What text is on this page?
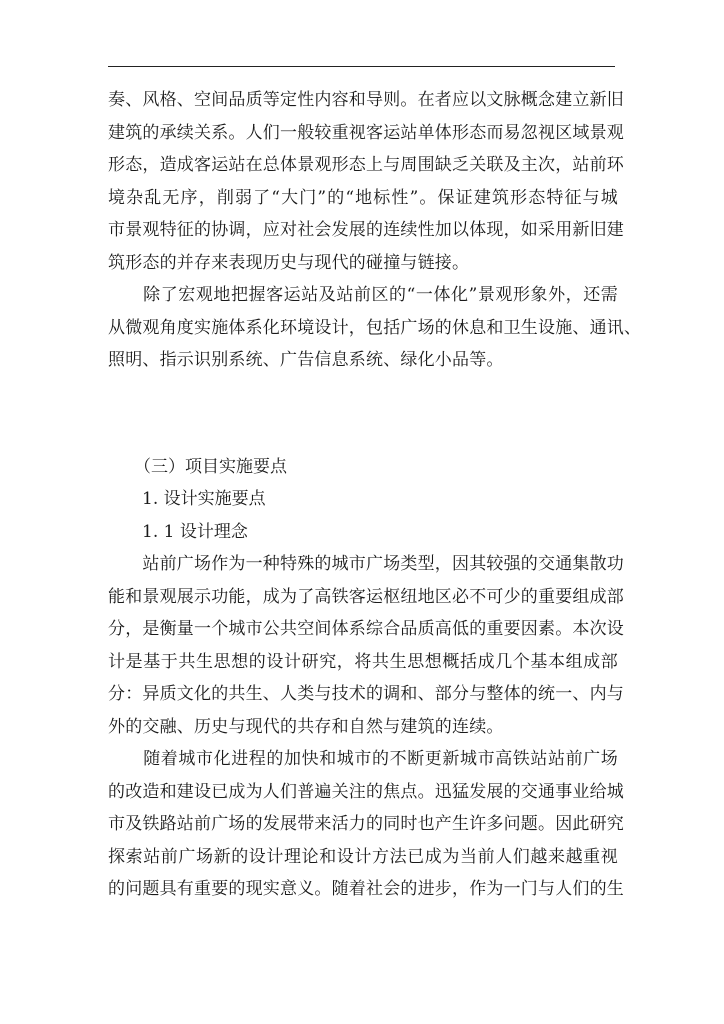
奏、风格、空间品质等定性内容和导则。在者应以文脉概念建立新旧
建筑的承续关系。人们一般较重视客运站单体形态而易忽视区域景观
形态，造成客运站在总体景观形态上与周围缺乏关联及主次，站前环
境杂乱无序，削弱了“大门”的“地标性”。保证建筑形态特征与城
市景观特征的协调，应对社会发展的连续性加以体现，如采用新旧建
筑形态的并存来表现历史与现代的碰撞与链接。
　　除了宏观地把握客运站及站前区的“一体化”景观形象外，还需
从微观角度实施体系化环境设计，包括广场的休息和卫生设施、通讯、
照明、指示识别系统、广告信息系统、绿化小品等。

（三）项目实施要点

1. 设计实施要点

1. 1 设计理念

　　站前广场作为一种特殊的城市广场类型，因其较强的交通集散功
能和景观展示功能，成为了高铁客运枢纽地区必不可少的重要组成部
分，是衡量一个城市公共空间体系综合品质高低的重要因素。本次设
计是基于共生思想的设计研究，将共生思想概括成几个基本组成部
分：异质文化的共生、人类与技术的调和、部分与整体的统一、内与
外的交融、历史与现代的共存和自然与建筑的连续。
　　随着城市化进程的加快和城市的不断更新城市高铁站站前广场
的改造和建设已成为人们普遍关注的焦点。迅猛发展的交通事业给城
市及铁路站前广场的发展带来活力的同时也产生许多问题。因此研究
探索站前广场新的设计理论和设计方法已成为当前人们越来越重视
的问题具有重要的现实意义。随着社会的进步，作为一门与人们的生
